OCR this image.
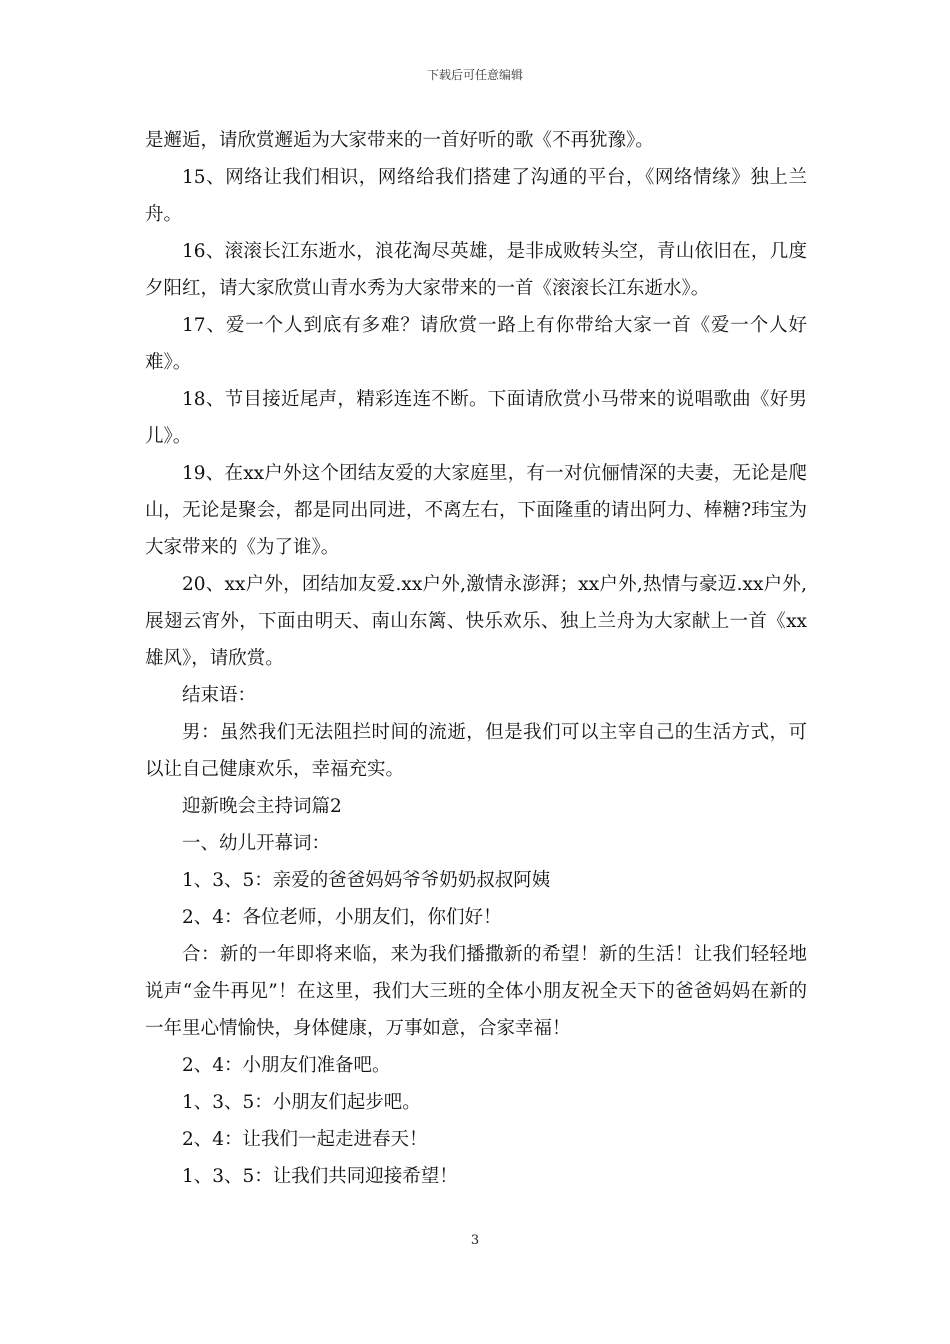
下载后可任意编辑

是邂逅，请欣赏邂逅为大家带来的一首好听的歌《不再犹豫》。

15、网络让我们相识，网络给我们搭建了沟通的平台，《网络情缘》独上兰舟。

16、滚滚长江东逝水，浪花淘尽英雄，是非成败转头空，青山依旧在，几度夕阳红，请大家欣赏山青水秀为大家带来的一首《滚滚长江东逝水》。

17、爱一个人到底有多难？请欣赏一路上有你带给大家一首《爱一个人好难》。

18、节目接近尾声，精彩连连不断。下面请欣赏小马带来的说唱歌曲《好男儿》。

19、在xx户外这个团结友爱的大家庭里，有一对伉俪情深的夫妻，无论是爬山，无论是聚会，都是同出同进，不离左右，下面隆重的请出阿力、棒糖?玮宝为大家带来的《为了谁》。

20、xx户外，团结加友爱.xx户外,激情永澎湃；xx户外,热情与豪迈.xx户外,展翅云宵外，下面由明天、南山东篱、快乐欢乐、独上兰舟为大家献上一首《xx雄风》，请欣赏。

结束语：

男：虽然我们无法阻拦时间的流逝，但是我们可以主宰自己的生活方式，可以让自己健康欢乐，幸福充实。

迎新晚会主持词篇2

一、幼儿开幕词：

1、3、5：亲爱的爸爸妈妈爷爷奶奶叔叔阿姨

2、4：各位老师，小朋友们，你们好！

合：新的一年即将来临，来为我们播撒新的希望！新的生活！让我们轻轻地说声“金牛再见”！在这里，我们大三班的全体小朋友祝全天下的爸爸妈妈在新的一年里心情愉快，身体健康，万事如意，合家幸福！

2、4：小朋友们准备吧。

1、3、5：小朋友们起步吧。

2、4：让我们一起走进春天！

1、3、5：让我们共同迎接希望！

3
